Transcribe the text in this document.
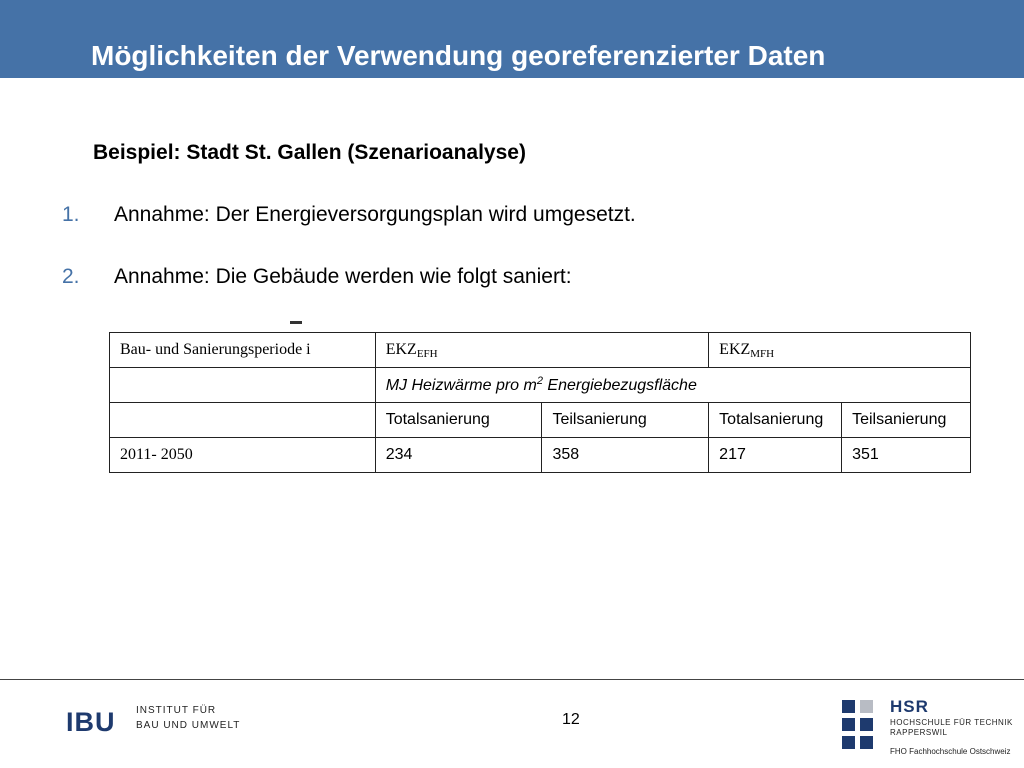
Möglichkeiten der Verwendung georeferenzierter Daten
Beispiel: Stadt St. Gallen (Szenarioanalyse)
1. Annahme: Der Energieversorgungsplan wird umgesetzt.
2. Annahme: Die Gebäude werden wie folgt saniert:
Bau- und Sanierungsperiode i	$EKZ_{EFH}$		$EKZ_{MFH}$
	MJ Heizwärme pro $m^2$ Energiebezugsfläche			
	Totalsanierung	Teilsanierung	Totalsanierung	Teilsanierung
2011- 2050	234	358	217	351
IBU INSTITUT FÜR
BAU UND UMWELT	12
HSR
HOCHSCHULE FÜR TECHNIK
RAPPERSWIL
FHO Fachhochschule Ostschweiz
